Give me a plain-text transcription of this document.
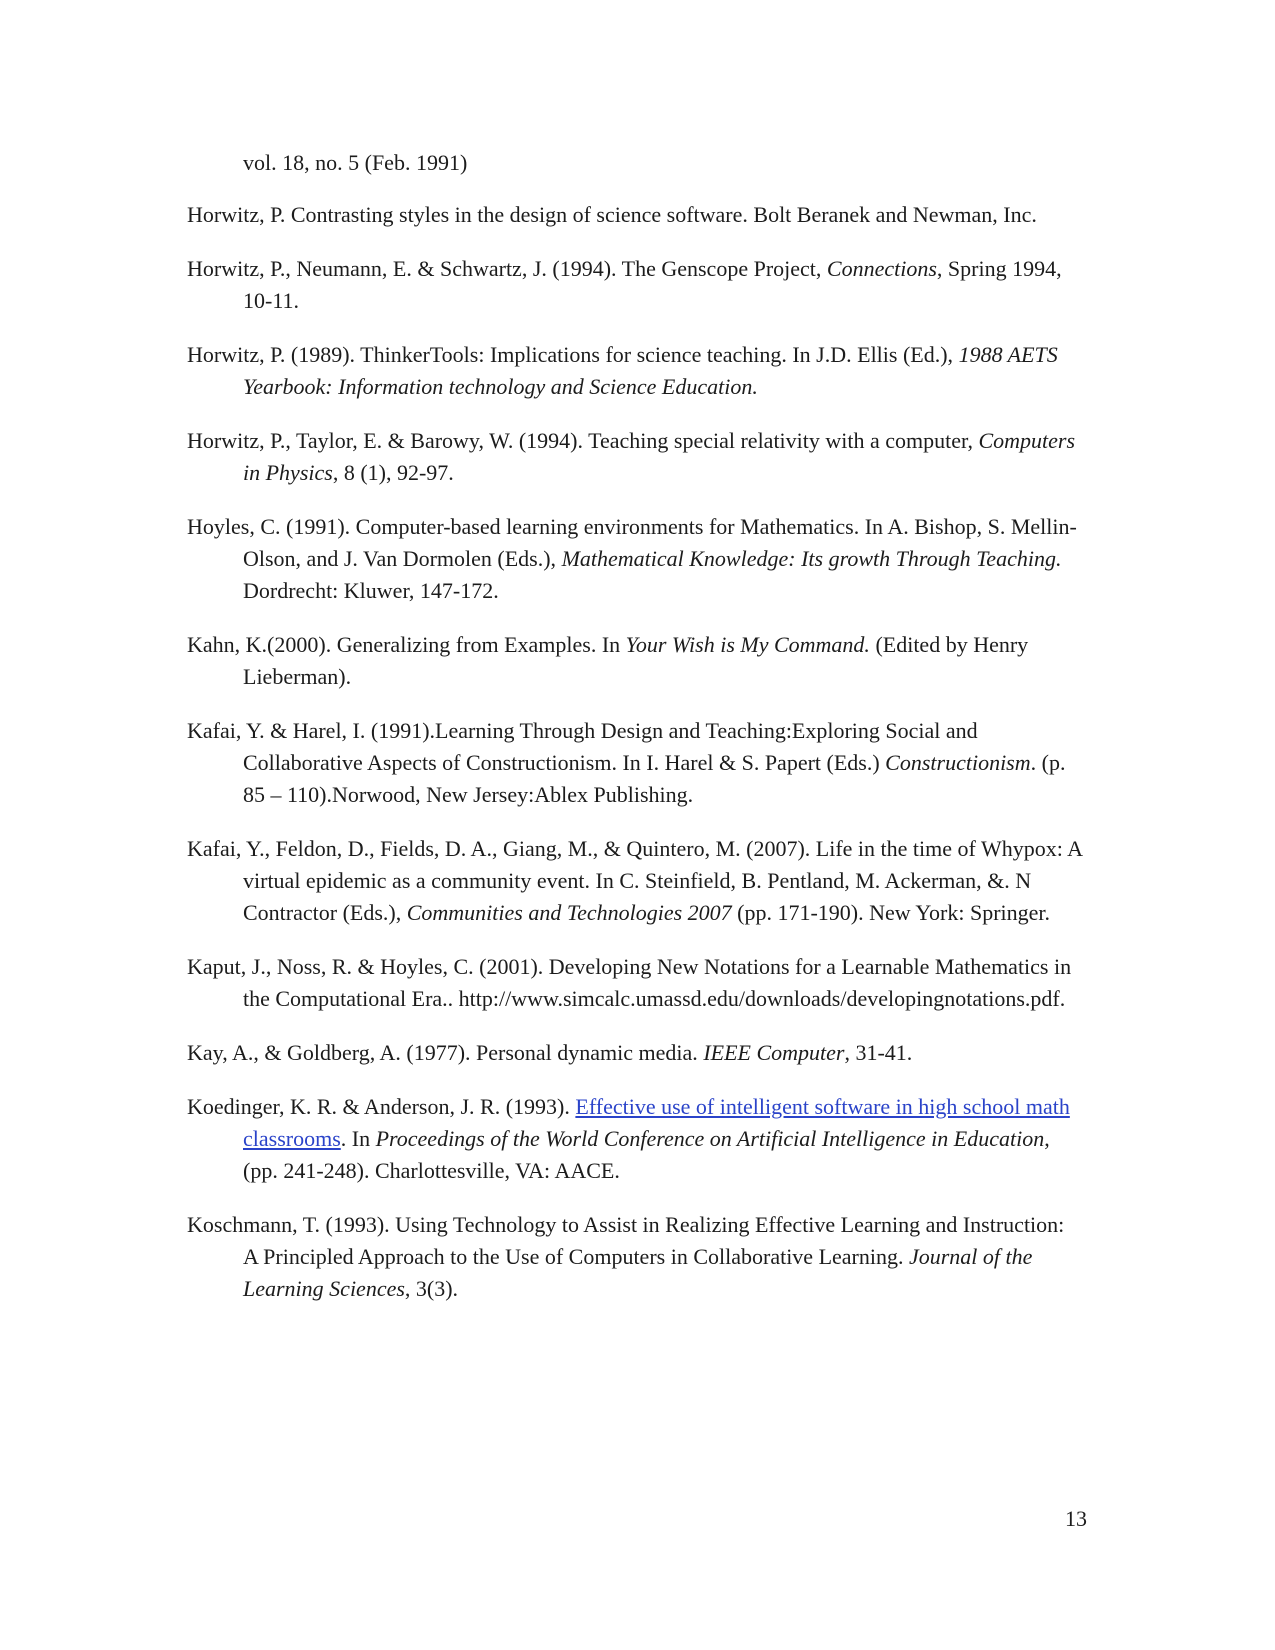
vol. 18, no. 5 (Feb. 1991)

Horwitz, P. Contrasting styles in the design of science software. Bolt Beranek and Newman, Inc.

Horwitz, P., Neumann, E. & Schwartz, J. (1994). The Genscope Project, Connections, Spring 1994, 10-11.

Horwitz, P. (1989). ThinkerTools: Implications for science teaching. In J.D. Ellis (Ed.), 1988 AETS Yearbook: Information technology and Science Education.

Horwitz, P., Taylor, E. & Barowy, W. (1994). Teaching special relativity with a computer, Computers in Physics, 8 (1), 92-97.

Hoyles, C. (1991). Computer-based learning environments for Mathematics. In A. Bishop, S. Mellin-Olson, and J. Van Dormolen (Eds.), Mathematical Knowledge: Its growth Through Teaching. Dordrecht: Kluwer, 147-172.

Kahn, K.(2000). Generalizing from Examples. In Your Wish is My Command. (Edited by Henry Lieberman).

Kafai, Y. & Harel, I. (1991).Learning Through Design and Teaching:Exploring Social and Collaborative Aspects of Constructionism. In I. Harel & S. Papert (Eds.) Constructionism. (p. 85 – 110).Norwood, New Jersey:Ablex Publishing.

Kafai, Y., Feldon, D., Fields, D. A., Giang, M., & Quintero, M. (2007). Life in the time of Whypox: A virtual epidemic as a community event. In C. Steinfield, B. Pentland, M. Ackerman, &. N Contractor (Eds.), Communities and Technologies 2007 (pp. 171-190). New York: Springer.

Kaput, J., Noss, R. & Hoyles, C. (2001). Developing New Notations for a Learnable Mathematics in the Computational Era.. http://www.simcalc.umassd.edu/downloads/developingnotations.pdf.

Kay, A., & Goldberg, A. (1977). Personal dynamic media. IEEE Computer, 31-41.

Koedinger, K. R. & Anderson, J. R. (1993). Effective use of intelligent software in high school math classrooms. In Proceedings of the World Conference on Artificial Intelligence in Education, (pp. 241-248). Charlottesville, VA: AACE.

Koschmann, T. (1993). Using Technology to Assist in Realizing Effective Learning and Instruction: A Principled Approach to the Use of Computers in Collaborative Learning. Journal of the Learning Sciences, 3(3).

13
